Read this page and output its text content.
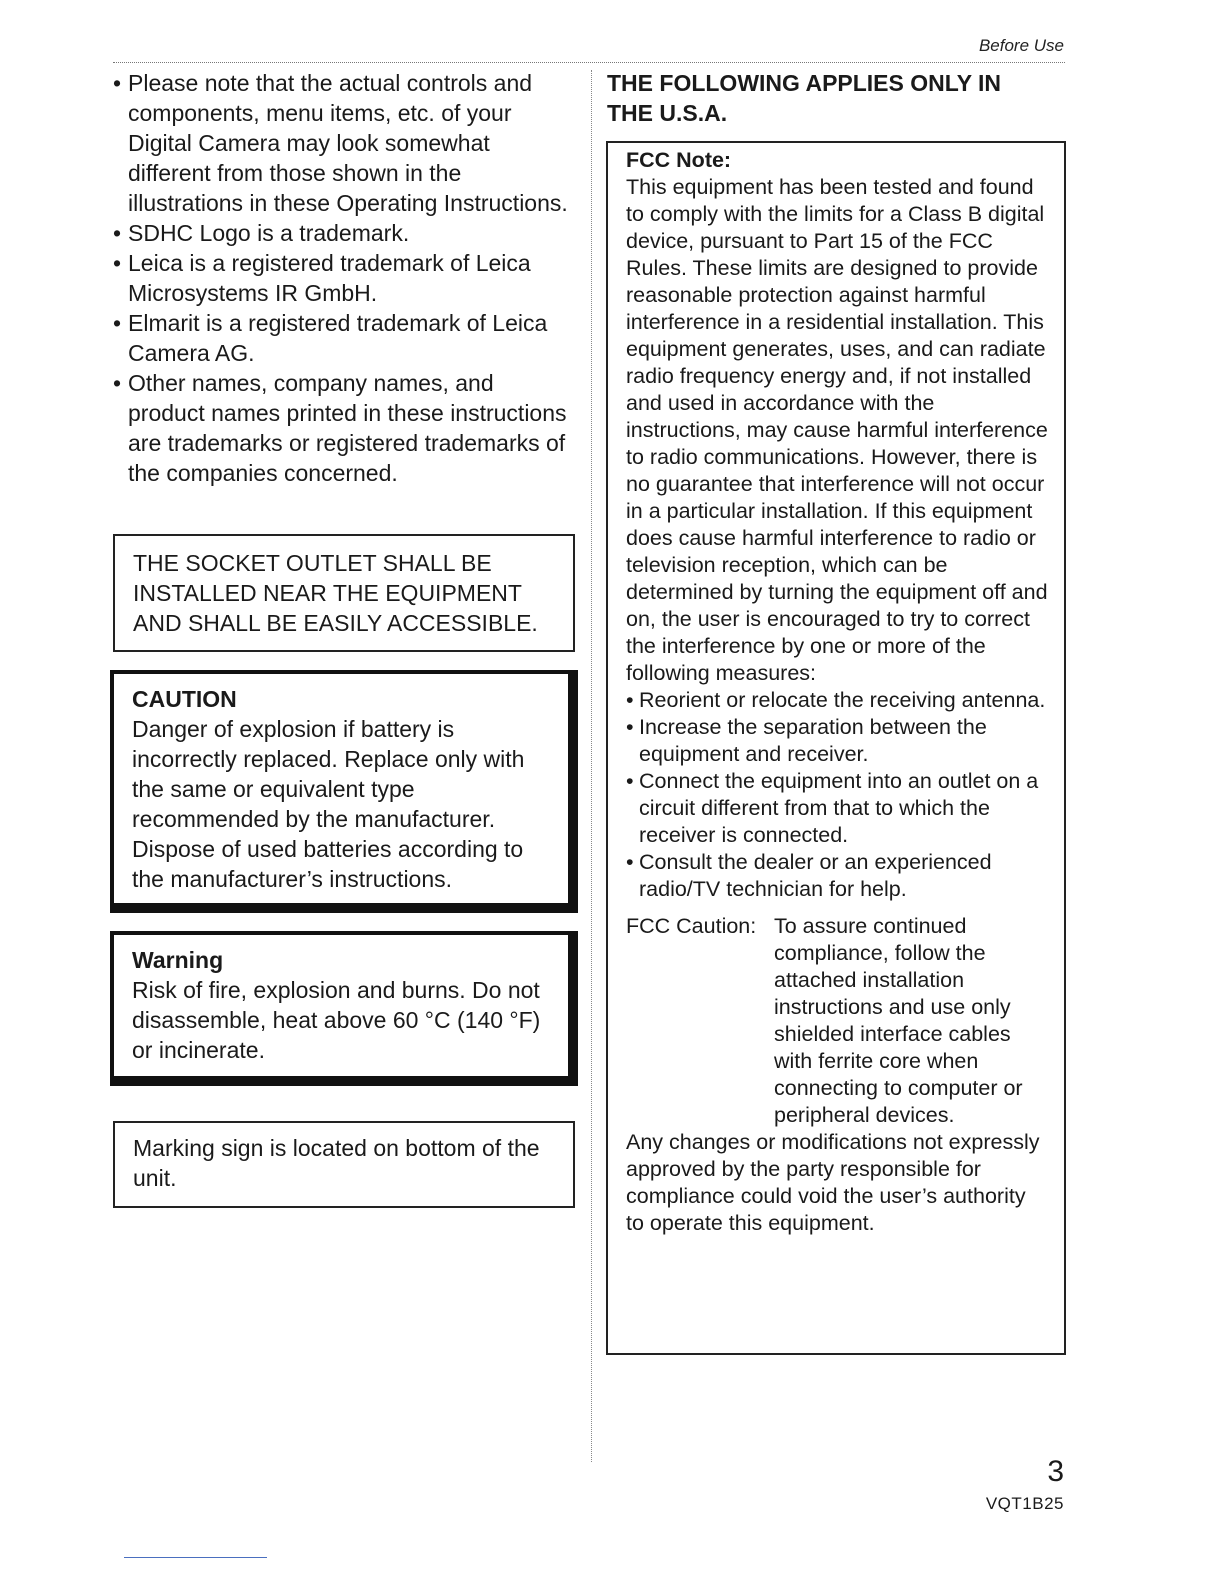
Before Use
• Please note that the actual controls and components, menu items, etc. of your Digital Camera may look somewhat different from those shown in the illustrations in these Operating Instructions.
• SDHC Logo is a trademark.
• Leica is a registered trademark of Leica Microsystems IR GmbH.
• Elmarit is a registered trademark of Leica Camera AG.
• Other names, company names, and product names printed in these instructions are trademarks or registered trademarks of the companies concerned.

THE SOCKET OUTLET SHALL BE INSTALLED NEAR THE EQUIPMENT AND SHALL BE EASILY ACCESSIBLE.

CAUTION

Danger of explosion if battery is incorrectly replaced. Replace only with the same or equivalent type recommended by the manufacturer. Dispose of used batteries according to the manufacturer’s instructions.

Warning

Risk of fire, explosion and burns. Do not disassemble, heat above 60 °C (140 °F) or incinerate.

Marking sign is located on bottom of the unit.

THE FOLLOWING APPLIES ONLY IN THE U.S.A.

FCC Note:

This equipment has been tested and found to comply with the limits for a Class B digital device, pursuant to Part 15 of the FCC Rules. These limits are designed to provide reasonable protection against harmful interference in a residential installation. This equipment generates, uses, and can radiate radio frequency energy and, if not installed and used in accordance with the instructions, may cause harmful interference to radio communications. However, there is no guarantee that interference will not occur in a particular installation. If this equipment does cause harmful interference to radio or television reception, which can be determined by turning the equipment off and on, the user is encouraged to try to correct the interference by one or more of the following measures:

• Reorient or relocate the receiving antenna.
• Increase the separation between the equipment and receiver.
• Connect the equipment into an outlet on a circuit different from that to which the receiver is connected.
• Consult the dealer or an experienced radio/TV technician for help.
FCC Caution: To assure continued compliance, follow the attached installation instructions and use only shielded interface cables with ferrite core when connecting to computer or peripheral devices.

Any changes or modifications not expressly approved by the party responsible for compliance could void the user’s authority to operate this equipment.

3
VQT1B25
